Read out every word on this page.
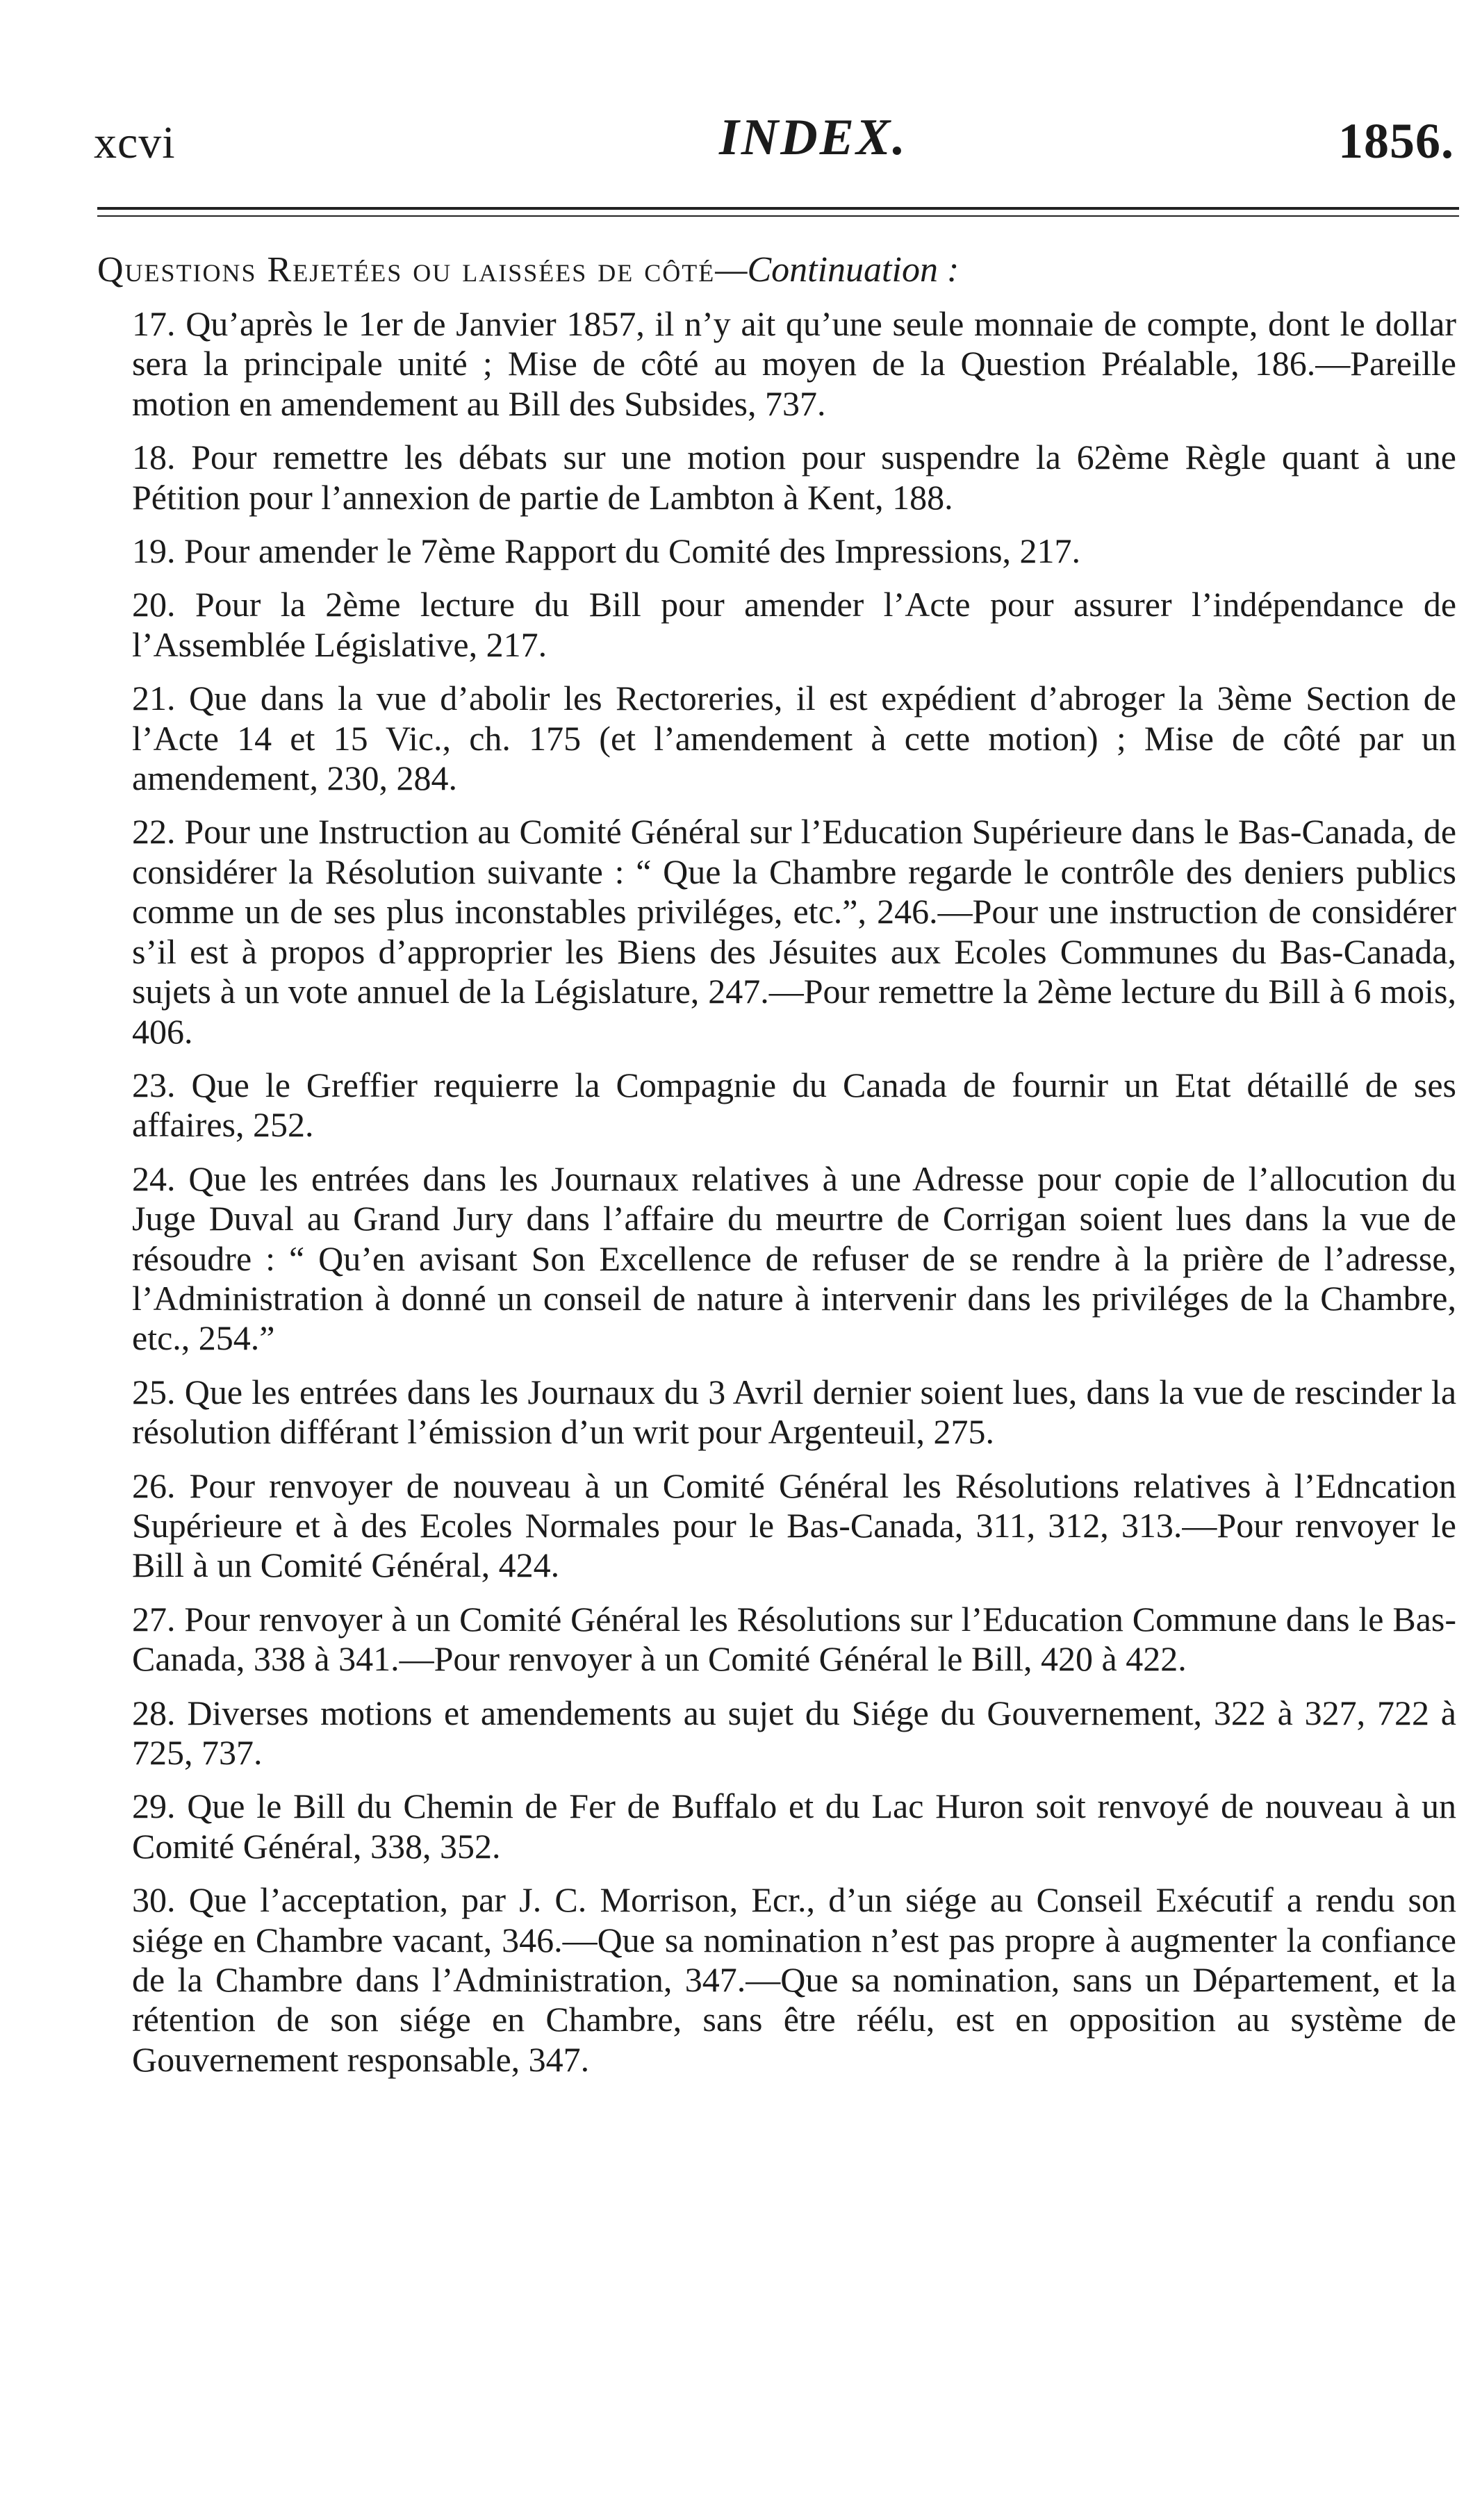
xcvi	INDEX.	1856.
Questions Rejetées ou laissées de côté—Continuation :

17. Qu’après le 1er de Janvier 1857, il n’y ait qu’une seule monnaie de compte, dont le dollar sera la principale unité ; Mise de côté au moyen de la Question Préalable, 186.—Pareille motion en amendement au Bill des Subsides, 737.

18. Pour remettre les débats sur une motion pour suspendre la 62ème Règle quant à une Pétition pour l’annexion de partie de Lambton à Kent, 188.

19. Pour amender le 7ème Rapport du Comité des Impressions, 217.

20. Pour la 2ème lecture du Bill pour amender l’Acte pour assurer l’indépendance de l’Assemblée Législative, 217.

21. Que dans la vue d’abolir les Rectoreries, il est expédient d’abroger la 3ème Section de l’Acte 14 et 15 Vic., ch. 175 (et l’amendement à cette motion) ; Mise de côté par un amendement, 230, 284.

22. Pour une Instruction au Comité Général sur l’Education Supérieure dans le Bas-Canada, de considérer la Résolution suivante : “ Que la Chambre regarde le contrôle des deniers publics comme un de ses plus inconstables priviléges, etc.”, 246.—Pour une instruction de considérer s’il est à propos d’approprier les Biens des Jésuites aux Ecoles Communes du Bas-Canada, sujets à un vote annuel de la Législature, 247.—Pour remettre la 2ème lecture du Bill à 6 mois, 406.

23. Que le Greffier requierre la Compagnie du Canada de fournir un Etat détaillé de ses affaires, 252.

24. Que les entrées dans les Journaux relatives à une Adresse pour copie de l’allocution du Juge Duval au Grand Jury dans l’affaire du meurtre de Corrigan soient lues dans la vue de résoudre : “ Qu’en avisant Son Excellence de refuser de se rendre à la prière de l’adresse, l’Administration à donné un conseil de nature à intervenir dans les priviléges de la Chambre, etc., 254.”

25. Que les entrées dans les Journaux du 3 Avril dernier soient lues, dans la vue de rescinder la résolution différant l’émission d’un writ pour Argenteuil, 275.

26. Pour renvoyer de nouveau à un Comité Général les Résolutions relatives à l’Edncation Supérieure et à des Ecoles Normales pour le Bas-Canada, 311, 312, 313.—Pour renvoyer le Bill à un Comité Général, 424.

27. Pour renvoyer à un Comité Général les Résolutions sur l’Education Commune dans le Bas-Canada, 338 à 341.—Pour renvoyer à un Comité Général le Bill, 420 à 422.

28. Diverses motions et amendements au sujet du Siége du Gouvernement, 322 à 327, 722 à 725, 737.

29. Que le Bill du Chemin de Fer de Buffalo et du Lac Huron soit renvoyé de nouveau à un Comité Général, 338, 352.

30. Que l’acceptation, par J. C. Morrison, Ecr., d’un siége au Conseil Exécutif a rendu son siége en Chambre vacant, 346.—Que sa nomination n’est pas propre à augmenter la confiance de la Chambre dans l’Administration, 347.—Que sa nomination, sans un Département, et la rétention de son siége en Chambre, sans être réélu, est en opposition au système de Gouvernement responsable, 347.
